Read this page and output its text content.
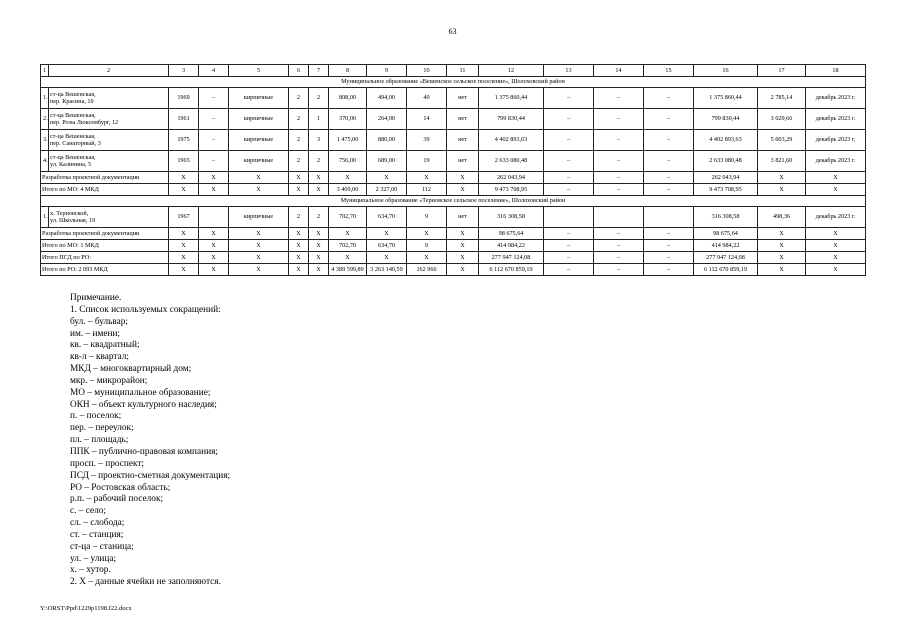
63
1	2	3	4	5	6	7	8	9	10	11	12	13	14	15	16	17	18
Муниципальное образование «Вешенское сельское поселение», Шолоховский район																	
1.	ст-ца Вешенская,
пер. Красина, 10	1969	–	кирпичные	2	2	808,00	494,00	40	нет	1 375 860,44	–	–	–	1 375 860,44	2 785,14	декабрь 2023 г.
2.	ст-ца Вешенская,
пер. Розы Люксембург, 12	1961	–	кирпичные	2	1	370,00	264,00	14	нет	799 830,44	–	–	–	799 830,44	3 029,66	декабрь 2023 г.
3.	ст-ца Вешенская,
пер. Санаторный, 3	1975	–	кирпичные	2	3	1 475,00	880,00	39	нет	4 402 893,63	–	–	–	4 402 893,63	5 003,29	декабрь 2023 г.
4.	ст-ца Вешенская,
ул. Калинина, 5	1965	–	кирпичные	2	2	756,00	689,00	19	нет	2 633 080,48	–	–	–	2 633 080,48	3 821,60	декабрь 2023 г.
Разработка проектной документации		X	X	X	X	X	X	X	X	X	262 043,94	–	–	–	262 043,94	X	X
Итого по МО: 4 МКД		X	X	X	X	X	3 409,00	2 327,00	112	X	9 473 708,95	–	–	–	9 473 708,95	X	X
Муниципальное образование «Терновское сельское поселение», Шолоховский район																	
1.	х. Терновской,
ул. Школьная, 19	1967		кирпичные	2	2	702,70	634,70	9	нет	316 308,58				316 308,58	498,36	декабрь 2023 г.
Разработка проектной документации		X	X	X	X	X	X	X	X	X	98 675,64	–	–	–	98 675,64	X	X
Итого по МО: 1 МКД		X	X	X	X	X	702,70	634,70	9	X	414 984,22	–	–	–	414 984,22	X	X
Итого ПСД по РО:		X	X	X	X	X	X	X	X	X	277 947 124,08	–	–	–	277 947 124,08	X	X
Итого по РО: 2 093 МКД		X	X	X	X	X	4 389 599,89	3 263 140,59	162 966	X	6 112 670 859,19	–	–	–	6 112 670 859,19	X	X
Примечание.
1. Список используемых сокращений:
бул. – бульвар;
им. – имени;
кв. – квадратный;
кв-л – квартал;
МКД – многоквартирный дом;
мкр. – микрорайон;
МО – муниципальное образование;
ОКН – объект культурного наследия;
п. – поселок;
пер. – переулок;
пл. – площадь;
ППК – публично-правовая компания;
просп. – проспект;
ПСД – проектно-сметная документация;
РО – Ростовская область;
р.п. – рабочий поселок;
с. – село;
сл. – слобода;
ст. – станция;
ст-ца – станица;
ул. – улица;
х. – хутор.
2. X – данные ячейки не заполняются.
Y:\ORST\Ppd\1229p1198.f22.docx
